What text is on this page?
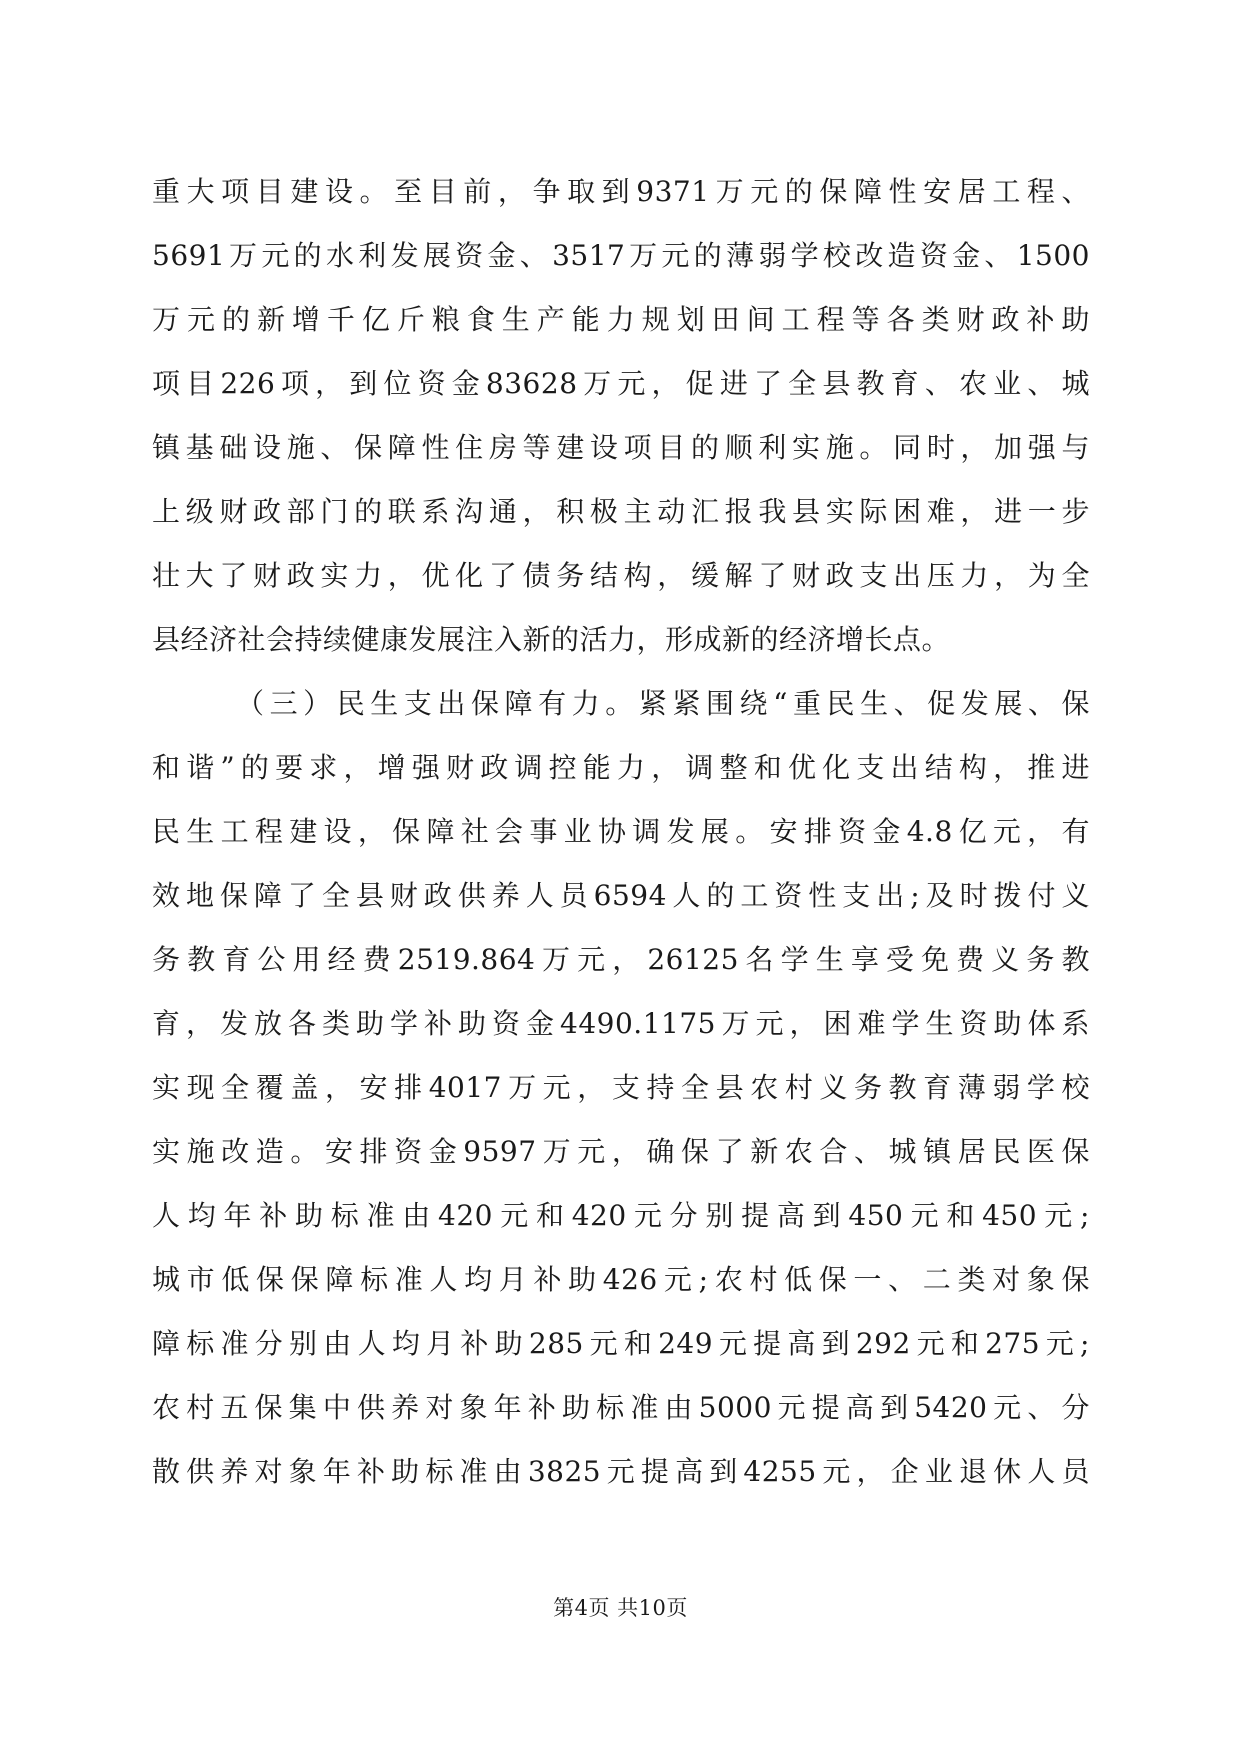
重大项目建设。至目前，争取到9371万元的保障性安居工程、
5691万元的水利发展资金、3517万元的薄弱学校改造资金、1500
万元的新增千亿斤粮食生产能力规划田间工程等各类财政补助
项目226项，到位资金83628万元，促进了全县教育、农业、城
镇基础设施、保障性住房等建设项目的顺利实施。同时，加强与
上级财政部门的联系沟通，积极主动汇报我县实际困难，进一步
壮大了财政实力，优化了债务结构，缓解了财政支出压力，为全
县经济社会持续健康发展注入新的活力，形成新的经济增长点。
（三）民生支出保障有力。紧紧围绕“重民生、促发展、保
和谐”的要求，增强财政调控能力，调整和优化支出结构，推进
民生工程建设，保障社会事业协调发展。安排资金4.8亿元，有
效地保障了全县财政供养人员6594人的工资性支出;及时拨付义
务教育公用经费2519.864万元，26125名学生享受免费义务教
育，发放各类助学补助资金4490.1175万元，困难学生资助体系
实现全覆盖，安排4017万元，支持全县农村义务教育薄弱学校
实施改造。安排资金9597万元，确保了新农合、城镇居民医保
人均年补助标准由420元和420元分别提高到450元和450元;
城市低保保障标准人均月补助426元;农村低保一、二类对象保
障标准分别由人均月补助285元和249元提高到292元和275元;
农村五保集中供养对象年补助标准由5000元提高到5420元、分
散供养对象年补助标准由3825元提高到4255元，企业退休人员
第4页 共10页
